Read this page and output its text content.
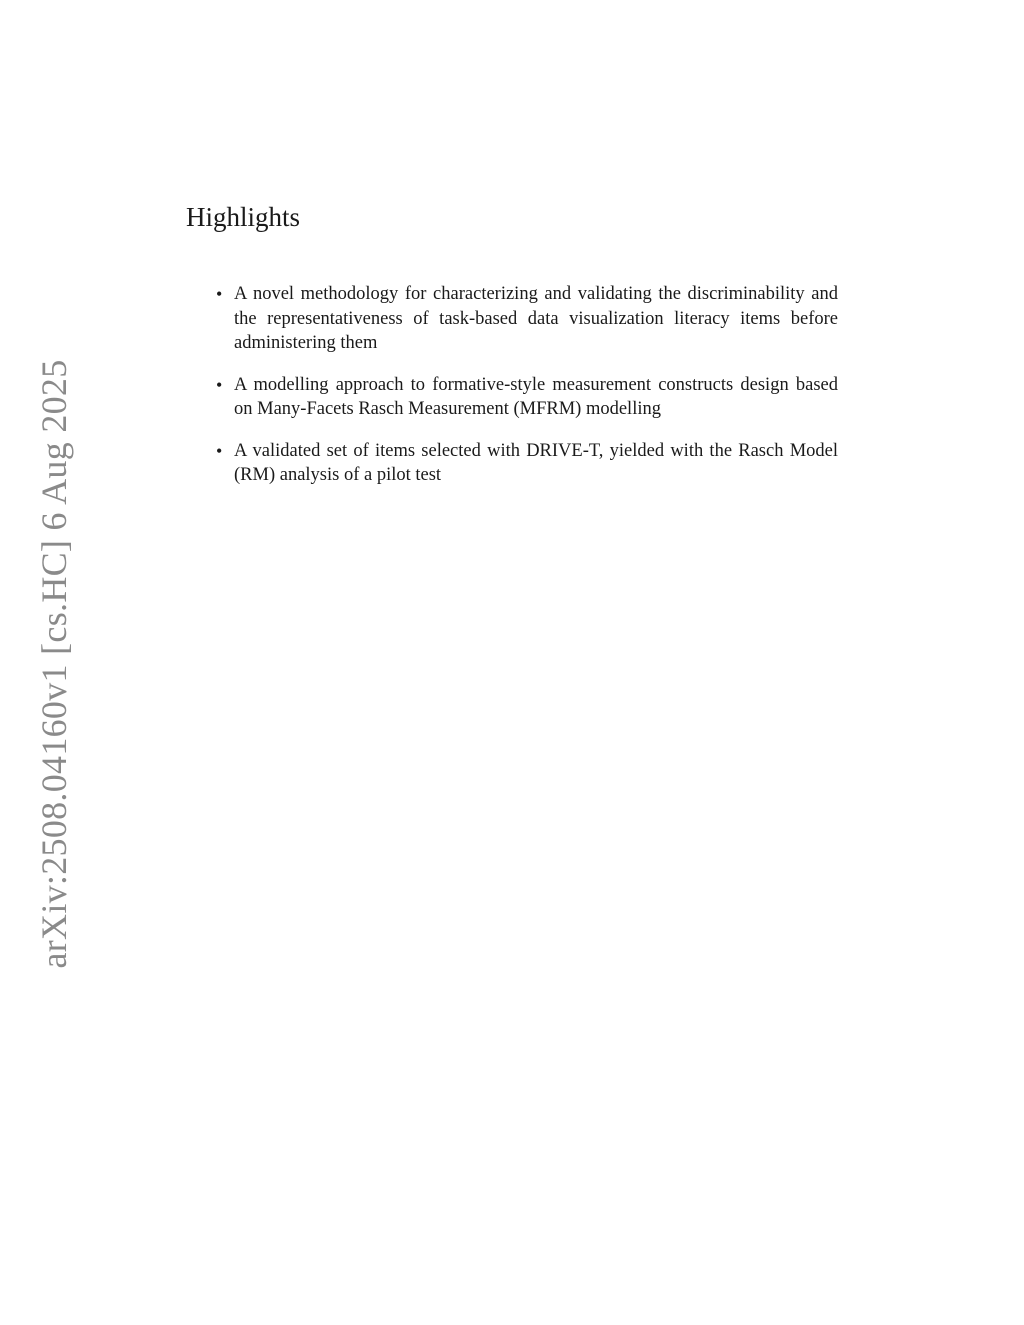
arXiv:2508.04160v1 [cs.HC] 6 Aug 2025
Highlights
• A novel methodology for characterizing and validating the discriminability and the representativeness of task-based data visualization literacy items before administering them
• A modelling approach to formative-style measurement constructs design based on Many-Facets Rasch Measurement (MFRM) modelling
• A validated set of items selected with DRIVE-T, yielded with the Rasch Model (RM) analysis of a pilot test
